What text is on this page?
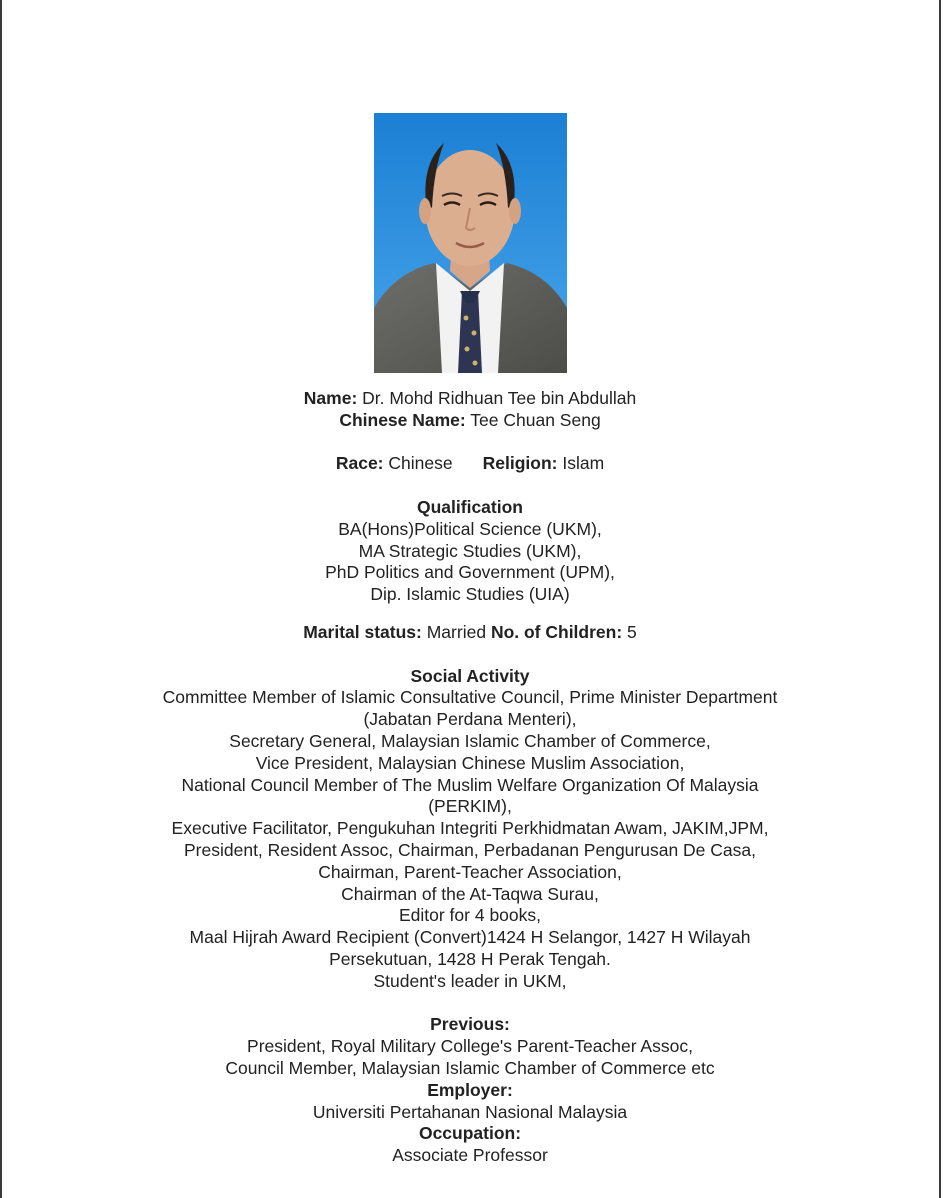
Name: Dr. Mohd Ridhuan Tee bin Abdullah
Chinese Name: Tee Chuan Seng
Race: Chinese Religion: Islam
Qualification
BA(Hons)Political Science (UKM),
MA Strategic Studies (UKM),
PhD Politics and Government (UPM),
Dip. Islamic Studies (UIA)
Marital status: Married No. of Children: 5
Social Activity
Committee Member of Islamic Consultative Council, Prime Minister Department
(Jabatan Perdana Menteri),
Secretary General, Malaysian Islamic Chamber of Commerce,
Vice President, Malaysian Chinese Muslim Association,
National Council Member of The Muslim Welfare Organization Of Malaysia
(PERKIM),
Executive Facilitator, Pengukuhan Integriti Perkhidmatan Awam, JAKIM,JPM,
President, Resident Assoc, Chairman, Perbadanan Pengurusan De Casa,
Chairman, Parent-Teacher Association,
Chairman of the At-Taqwa Surau,
Editor for 4 books,
Maal Hijrah Award Recipient (Convert)1424 H Selangor, 1427 H Wilayah
Persekutuan, 1428 H Perak Tengah.
Student's leader in UKM,
Previous:
President, Royal Military College's Parent-Teacher Assoc,
Council Member, Malaysian Islamic Chamber of Commerce etc
Employer:
Universiti Pertahanan Nasional Malaysia
Occupation:
Associate Professor
